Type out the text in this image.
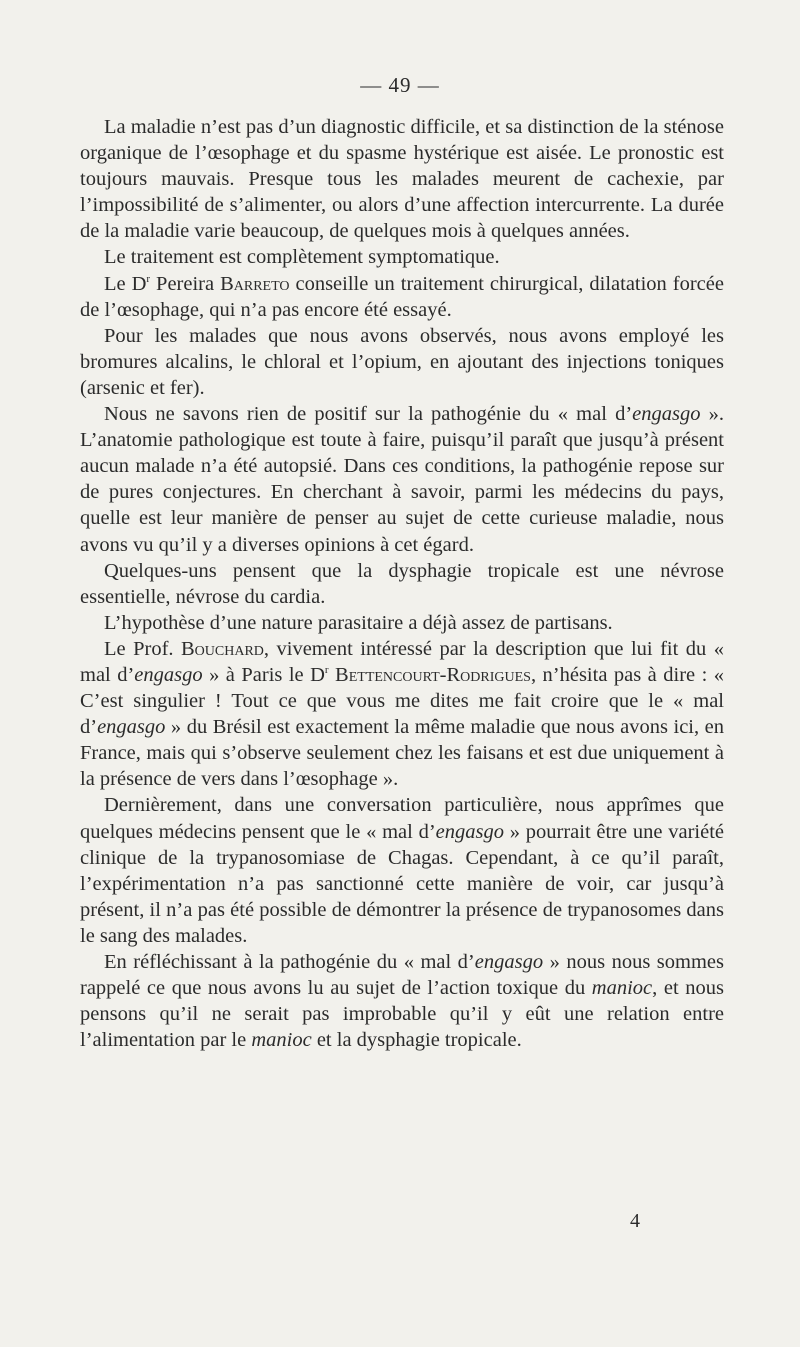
— 49 —

La maladie n’est pas d’un diagnostic difficile, et sa distinction de la sténose organique de l’œsophage et du spasme hystérique est aisée. Le pronostic est toujours mauvais. Presque tous les malades meurent de cachexie, par l’impossibilité de s’alimenter, ou alors d’une affection intercurrente. La durée de la maladie varie beaucoup, de quelques mois à quelques années.

Le traitement est complètement symptomatique.

Le $D^r$ Pereira Barreto conseille un traitement chirurgical, dilatation forcée de l’œsophage, qui n’a pas encore été essayé.

Pour les malades que nous avons observés, nous avons employé les bromures alcalins, le chloral et l’opium, en ajoutant des injections toniques (arsenic et fer).

Nous ne savons rien de positif sur la pathogénie du « mal d’engasgo ». L’anatomie pathologique est toute à faire, puisqu’il paraît que jusqu’à présent aucun malade n’a été autopsié. Dans ces conditions, la pathogénie repose sur de pures conjectures. En cherchant à savoir, parmi les médecins du pays, quelle est leur manière de penser au sujet de cette curieuse maladie, nous avons vu qu’il y a diverses opinions à cet égard.

Quelques-uns pensent que la dysphagie tropicale est une névrose essentielle, névrose du cardia.

L’hypothèse d’une nature parasitaire a déjà assez de partisans.

Le Prof. Bouchard, vivement intéressé par la description que lui fit du « mal d’engasgo » à Paris le $D^r$ Bettencourt-Rodrigues, n’hésita pas à dire : « C’est singulier ! Tout ce que vous me dites me fait croire que le « mal d’engasgo » du Brésil est exactement la même maladie que nous avons ici, en France, mais qui s’observe seulement chez les faisans et est due uniquement à la présence de vers dans l’œsophage ».

Dernièrement, dans une conversation particulière, nous apprîmes que quelques médecins pensent que le « mal d’engasgo » pourrait être une variété clinique de la trypanosomiase de Chagas. Cependant, à ce qu’il paraît, l’expérimentation n’a pas sanctionné cette manière de voir, car jusqu’à présent, il n’a pas été possible de démontrer la présence de trypanosomes dans le sang des malades.

En réfléchissant à la pathogénie du « mal d’engasgo » nous nous sommes rappelé ce que nous avons lu au sujet de l’action toxique du manioc, et nous pensons qu’il ne serait pas improbable qu’il y eût une relation entre l’alimentation par le manioc et la dysphagie tropicale.

4
